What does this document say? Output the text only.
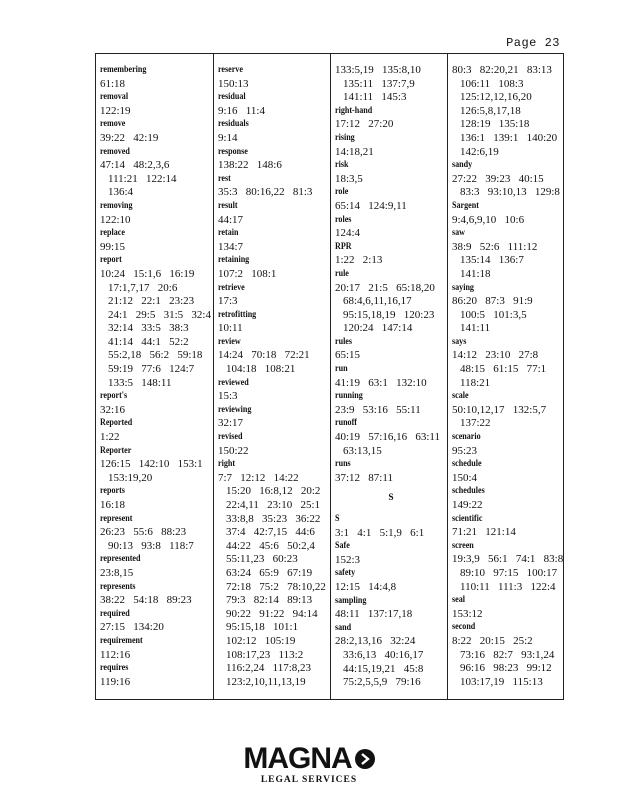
Page 23
remembering
61:18
removal
122:19
remove
39:22   42:19
removed
47:14   48:2,3,6
111:21   122:14
136:4
removing
122:10
replace
99:15
report
10:24   15:1,6   16:19
17:1,7,17   20:6
21:12   22:1   23:23
24:1   29:5   31:5   32:4
32:14   33:5   38:3
41:14   44:1   52:2
55:2,18   56:2   59:18
59:19   77:6   124:7
133:5   148:11
report's
32:16
Reported
1:22
Reporter
126:15   142:10   153:1
153:19,20
reports
16:18
represent
26:23   55:6   88:23
90:13   93:8   118:7
represented
23:8,15
represents
38:22   54:18   89:23
required
27:15   134:20
requirement
112:16
requires
119:16
reserve
150:13
residual
9:16   11:4
residuals
9:14
response
138:22   148:6
rest
35:3   80:16,22   81:3
result
44:17
retain
134:7
retaining
107:2   108:1
retrieve
17:3
retrofitting
10:11
review
14:24   70:18   72:21
104:18   108:21
reviewed
15:3
reviewing
32:17
revised
150:22
right
7:7   12:12   14:22
15:20   16:8,12   20:2
22:4,11   23:10   25:1
33:8,8   35:23   36:22
37:4   42:7,15   44:6
44:22   45:6   50:2,4
55:11,23   60:23
63:24   65:9   67:19
72:18   75:2   78:10,22
79:3   82:14   89:13
90:22   91:22   94:14
95:15,18   101:1
102:12   105:19
108:17,23   113:2
116:2,24   117:8,23
123:2,10,11,13,19
133:5,19   135:8,10
135:11   137:7,9
141:11   145:3
right-hand
17:12   27:20
rising
14:18,21
risk
18:3,5
role
65:14   124:9,11
roles
124:4
RPR
1:22   2:13
rule
20:17   21:5   65:18,20
68:4,6,11,16,17
95:15,18,19   120:23
120:24   147:14
rules
65:15
run
41:19   63:1   132:10
running
23:9   53:16   55:11
runoff
40:19   57:16,16   63:11
63:13,15
runs
37:12   87:11
S
S
3:1   4:1   5:1,9   6:1
Safe
152:3
safety
12:15   14:4,8
sampling
48:11   137:17,18
sand
28:2,13,16   32:24
33:6,13   40:16,17
44:15,19,21   45:8
75:2,5,5,9   79:16
80:3   82:20,21   83:13
106:11   108:3
125:12,12,16,20
126:5,8,17,18
128:19   135:18
136:1   139:1   140:20
142:6,19
sandy
27:22   39:23   40:15
83:3   93:10,13   129:8
Sargent
9:4,6,9,10   10:6
saw
38:9   52:6   111:12
135:14   136:7
141:18
saying
86:20   87:3   91:9
100:5   101:3,5
141:11
says
14:12   23:10   27:8
48:15   61:15   77:1
118:21
scale
50:10,12,17   132:5,7
137:22
scenario
95:23
schedule
150:4
schedules
149:22
scientific
71:21   121:14
screen
19:3,9   56:1   74:1   83:8
89:10   97:15   100:17
110:11   111:3   122:4
seal
153:12
second
8:22   20:15   25:2
73:16   82:7   93:1,24
96:16   98:23   99:12
103:17,19   115:13
MAGNA
LEGAL SERVICES
